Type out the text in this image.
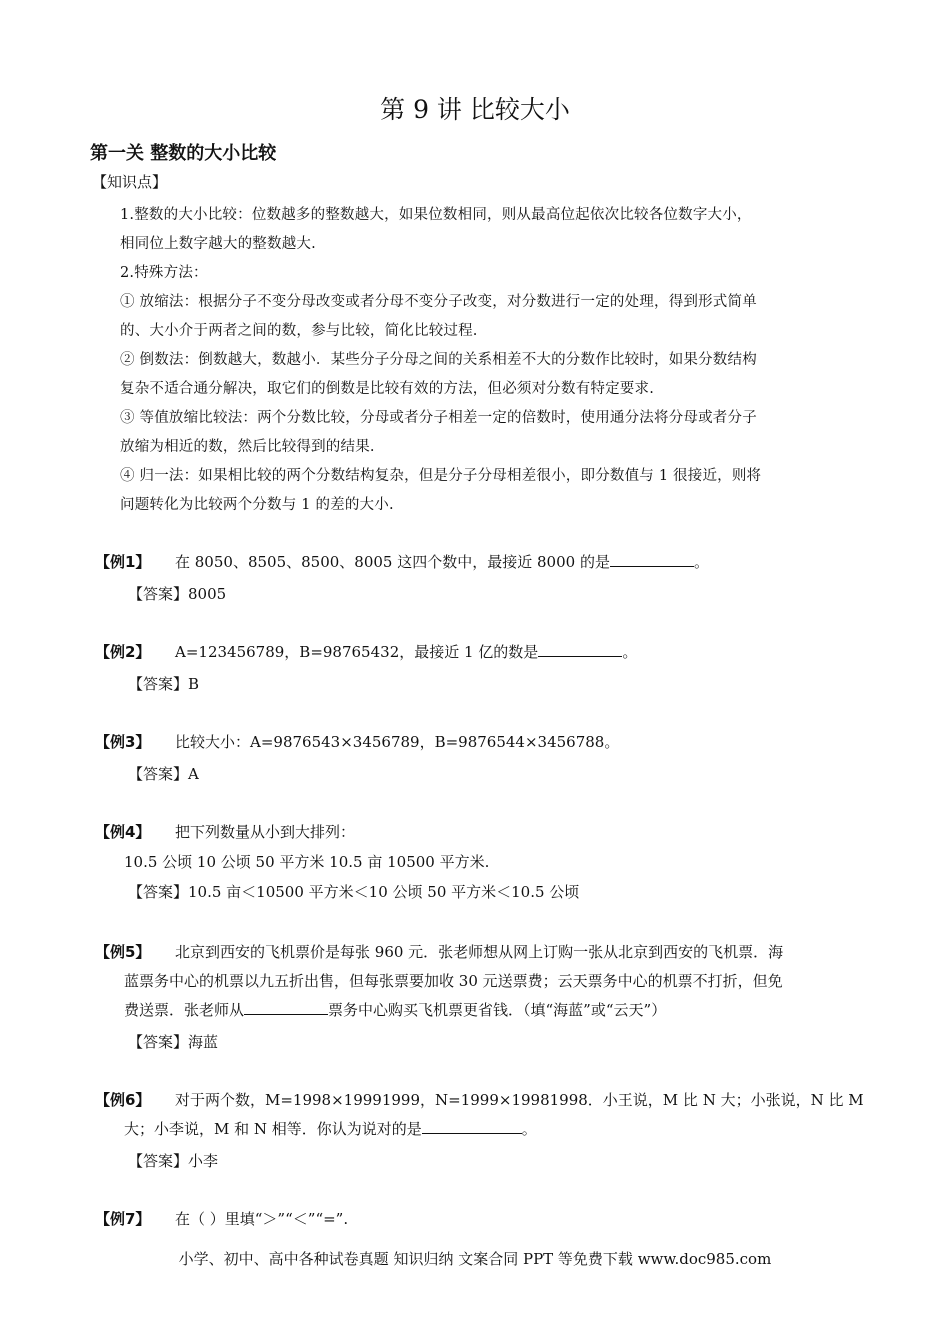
第 9 讲 比较大小
第一关 整数的大小比较
【知识点】
1.整数的大小比较：位数越多的整数越大，如果位数相同，则从最高位起依次比较各位数字大小，
相同位上数字越大的整数越大.
2.特殊方法：
① 放缩法：根据分子不变分母改变或者分母不变分子改变，对分数进行一定的处理，得到形式简单
的、大小介于两者之间的数，参与比较，简化比较过程.
② 倒数法：倒数越大，数越小．某些分子分母之间的关系相差不大的分数作比较时，如果分数结构
复杂不适合通分解决，取它们的倒数是比较有效的方法，但必须对分数有特定要求.
③ 等值放缩比较法：两个分数比较，分母或者分子相差一定的倍数时，使用通分法将分母或者分子
放缩为相近的数，然后比较得到的结果.
④ 归一法：如果相比较的两个分数结构复杂，但是分子分母相差很小，即分数值与 1 很接近，则将
问题转化为比较两个分数与 1 的差的大小.
【例1】 在 8050、8505、8500、8005 这四个数中，最接近 8000 的是	。
【答案】8005
【例2】 A=123456789，B=98765432，最接近 1 亿的数是	。
【答案】B
【例3】 比较大小：A=9876543×3456789，B=9876544×3456788。
【答案】A
【例4】 把下列数量从小到大排列：
10.5 公顷 10 公顷 50 平方米 10.5 亩 10500 平方米.
【答案】10.5 亩＜10500 平方米＜10 公顷 50 平方米＜10.5 公顷
【例5】 北京到西安的飞机票价是每张 960 元．张老师想从网上订购一张从北京到西安的飞机票．海
蓝票务中心的机票以九五折出售，但每张票要加收 30 元送票费；云天票务中心的机票不打折，但免
费送票．张老师从	票务中心购买飞机票更省钱．（填“海蓝”或“云天”）
【答案】海蓝
【例6】 对于两个数，M=1998×19991999，N=1999×19981998．小王说，M 比 N 大；小张说，N 比 M
大；小李说，M 和 N 相等．你认为说对的是	。
【答案】小李
【例7】 在（ ）里填“＞”“＜”“=”.
小学、初中、高中各种试卷真题 知识归纳 文案合同 PPT 等免费下载 www.doc985.com
